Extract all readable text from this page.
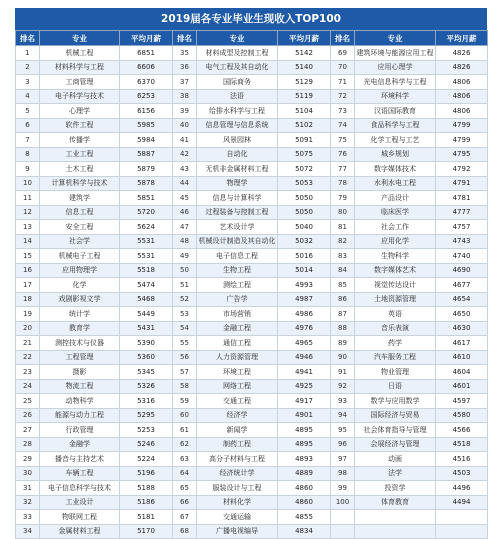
2019届各专业毕业生现收入TOP100
排名	专业	平均月薪	排名	专业	平均月薪	排名	专业	平均月薪
1	机械工程	6851	35	材料成型及控制工程	5142	69	建筑环境与能源应用工程	4826
2	材料科学与工程	6606	36	电气工程及其自动化	5140	70	应用心理学	4826
3	工商管理	6370	37	国际商务	5129	71	光电信息科学与工程	4806
4	电子科学与技术	6253	38	法语	5119	72	环境科学	4806
5	心理学	6156	39	给排水科学与工程	5104	73	汉语国际教育	4806
6	软件工程	5985	40	信息管理与信息系统	5102	74	食品科学与工程	4799
7	传播学	5984	41	风景园林	5091	75	化学工程与工艺	4799
8	工业工程	5887	42	自动化	5075	76	城乡规划	4795
9	土木工程	5879	43	无机非金属材料工程	5072	77	数字媒体技术	4792
10	计算机科学与技术	5878	44	物理学	5053	78	水利水电工程	4791
11	建筑学	5851	45	信息与计算科学	5050	79	产品设计	4781
12	信息工程	5720	46	过程装备与控制工程	5050	80	临床医学	4777
13	安全工程	5624	47	艺术设计学	5040	81	社会工作	4757
14	社会学	5531	48	机械设计制造及其自动化	5032	82	应用化学	4743
15	机械电子工程	5531	49	电子信息工程	5016	83	生物科学	4740
16	应用物理学	5518	50	生物工程	5014	84	数字媒体艺术	4690
17	化学	5474	51	测绘工程	4993	85	视觉传达设计	4677
18	戏剧影视文学	5468	52	广告学	4987	86	土地资源管理	4654
19	统计学	5449	53	市场营销	4986	87	英语	4650
20	教育学	5431	54	金融工程	4976	88	音乐表演	4630
21	测控技术与仪器	5390	55	通信工程	4965	89	药学	4617
22	工程管理	5360	56	人力资源管理	4946	90	汽车服务工程	4610
23	摄影	5345	57	环境工程	4941	91	物业管理	4604
24	物流工程	5326	58	网络工程	4925	92	日语	4601
25	动物科学	5316	59	交通工程	4917	93	数学与应用数学	4597
26	能源与动力工程	5295	60	经济学	4901	94	国际经济与贸易	4580
27	行政管理	5253	61	新闻学	4895	95	社会体育指导与管理	4566
28	金融学	5246	62	制药工程	4895	96	会展经济与管理	4518
29	播音与主持艺术	5224	63	高分子材料与工程	4893	97	动画	4516
30	车辆工程	5196	64	经济统计学	4889	98	法学	4503
31	电子信息科学与技术	5188	65	服装设计与工程	4860	99	投资学	4496
32	工业设计	5186	66	材料化学	4860	100	体育教育	4494
33	物联网工程	5181	67	交通运输	4855			
34	金属材料工程	5170	68	广播电视编导	4834			
